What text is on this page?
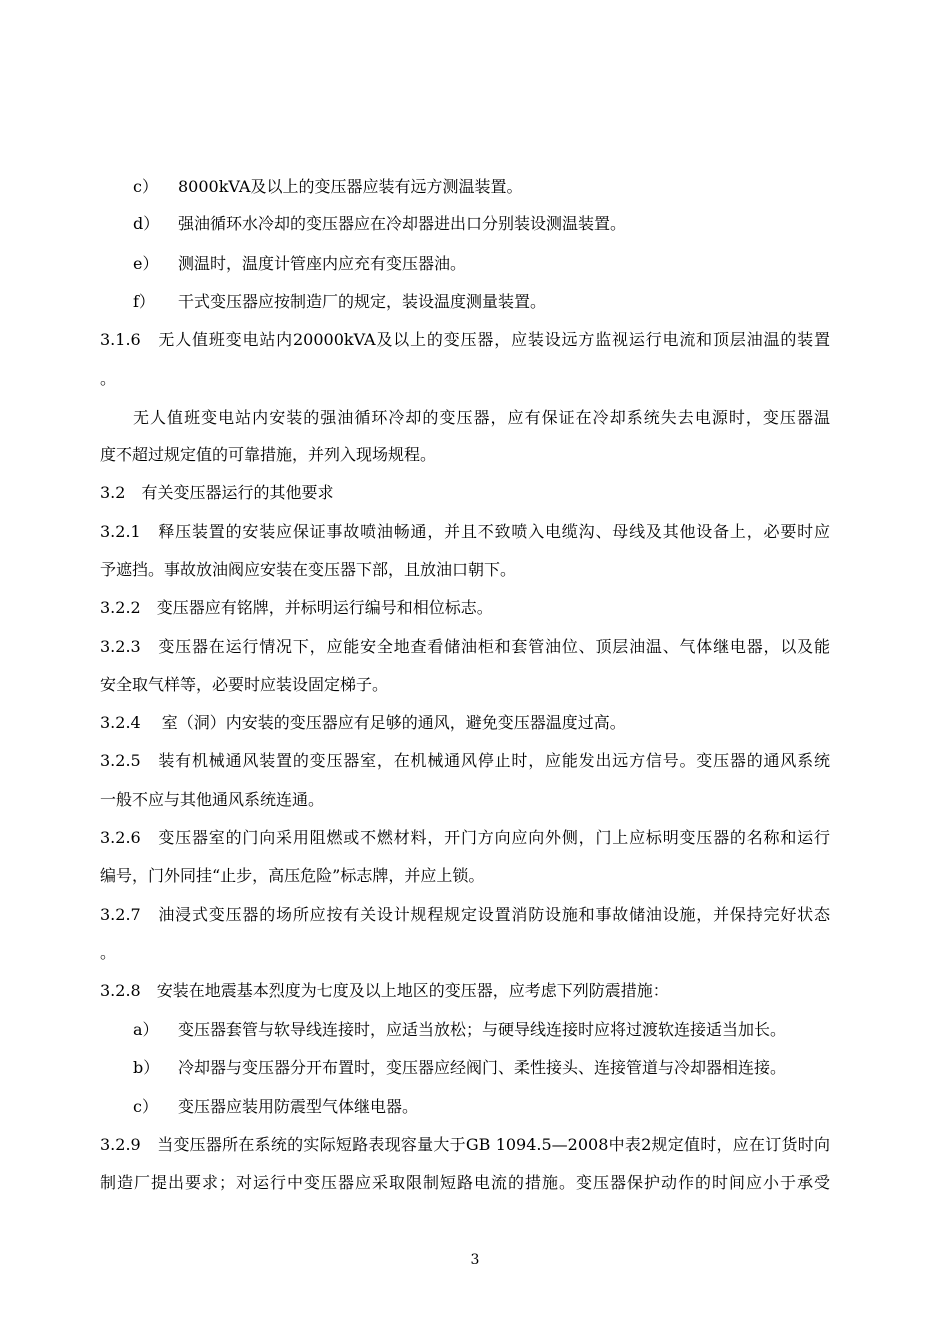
c） 8000kVA及以上的变压器应装有远方测温装置。
d） 强油循环水冷却的变压器应在冷却器进出口分别装设测温装置。
e） 测温时，温度计管座内应充有变压器油。
f） 干式变压器应按制造厂的规定，装设温度测量装置。
3.1.6　无人值班变电站内20000kVA及以上的变压器，应装设远方监视运行电流和顶层油温的装置
。
无人值班变电站内安装的强油循环冷却的变压器，应有保证在冷却系统失去电源时，变压器温
度不超过规定值的可靠措施，并列入现场规程。
3.2　有关变压器运行的其他要求
3.2.1　释压装置的安装应保证事故喷油畅通，并且不致喷入电缆沟、母线及其他设备上，必要时应
予遮挡。事故放油阀应安装在变压器下部，且放油口朝下。
3.2.2　变压器应有铭牌，并标明运行编号和相位标志。
3.2.3　变压器在运行情况下，应能安全地查看储油柜和套管油位、顶层油温、气体继电器，以及能
安全取气样等，必要时应装设固定梯子。
3.2.4　 室（洞）内安装的变压器应有足够的通风，避免变压器温度过高。
3.2.5　装有机械通风装置的变压器室，在机械通风停止时，应能发出远方信号。变压器的通风系统
一般不应与其他通风系统连通。
3.2.6　变压器室的门向采用阻燃或不燃材料，开门方向应向外侧，门上应标明变压器的名称和运行
编号，门外同挂“止步，高压危险”标志牌，并应上锁。
3.2.7　油浸式变压器的场所应按有关设计规程规定设置消防设施和事故储油设施，并保持完好状态
。
3.2.8　安装在地震基本烈度为七度及以上地区的变压器，应考虑下列防震措施：
a） 变压器套管与软导线连接时，应适当放松；与硬导线连接时应将过渡软连接适当加长。
b） 冷却器与变压器分开布置时，变压器应经阀门、柔性接头、连接管道与冷却器相连接。
c） 变压器应装用防震型气体继电器。
3.2.9　当变压器所在系统的实际短路表现容量大于GB 1094.5—2008中表2规定值时，应在订货时向
制造厂提出要求；对运行中变压器应采取限制短路电流的措施。变压器保护动作的时间应小于承受
3
